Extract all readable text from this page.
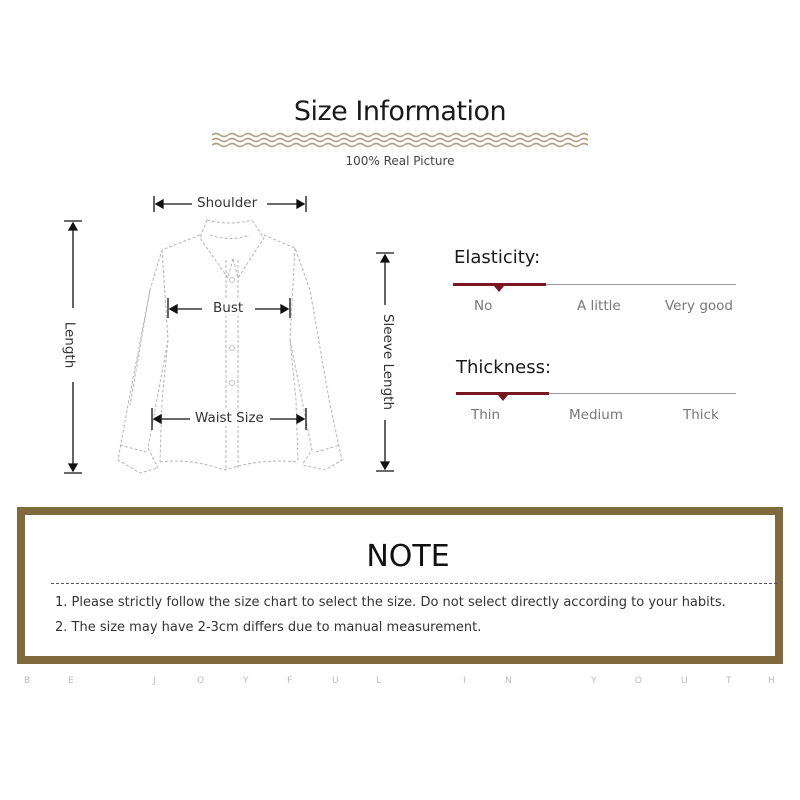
Size Information
100% Real Picture
Shoulder
Bust
Waist Size
Length	Sleeve Length
Elasticity:
No	A little	Very good
Thickness:
Thin	Medium	Thick
NOTE
1. Please strictly follow the size chart to select the size. Do not select directly according to your habits.
2. The size may have 2-3cm differs due to manual measurement.
B	E	J	O	Y	F	U	L	I	N	Y	O	U	T	H
